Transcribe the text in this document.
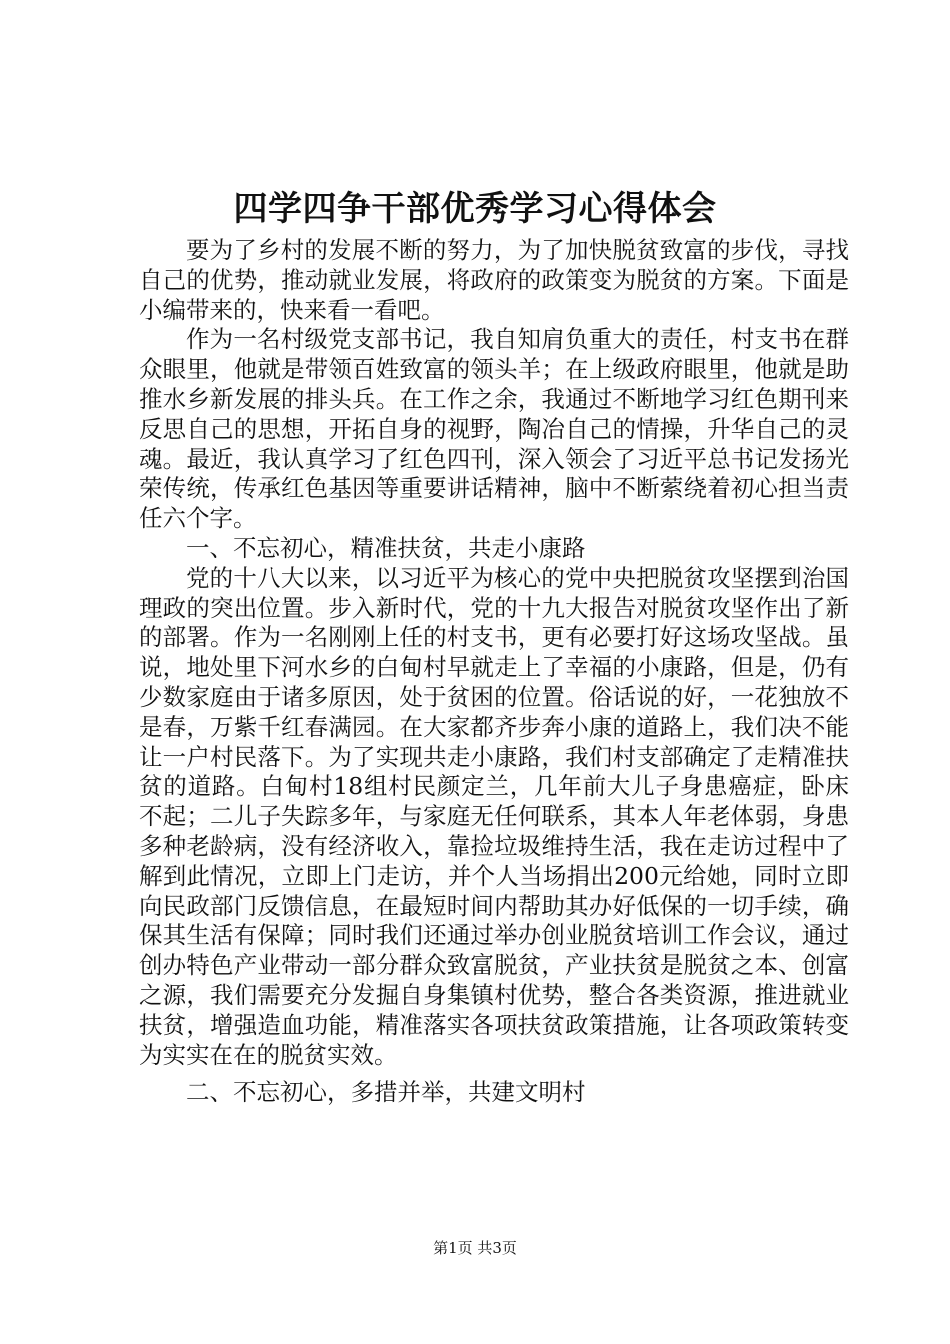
四学四争干部优秀学习心得体会

要为了乡村的发展不断的努力，为了加快脱贫致富的步伐，寻找自己的优势，推动就业发展，将政府的政策变为脱贫的方案。下面是小编带来的，快来看一看吧。

作为一名村级党支部书记，我自知肩负重大的责任，村支书在群众眼里，他就是带领百姓致富的领头羊；在上级政府眼里，他就是助推水乡新发展的排头兵。在工作之余，我通过不断地学习红色期刊来反思自己的思想，开拓自身的视野，陶冶自己的情操，升华自己的灵魂。最近，我认真学习了红色四刊，深入领会了习近平总书记发扬光荣传统，传承红色基因等重要讲话精神，脑中不断萦绕着初心担当责任六个字。

一、不忘初心，精准扶贫，共走小康路

党的十八大以来，以习近平为核心的党中央把脱贫攻坚摆到治国理政的突出位置。步入新时代，党的十九大报告对脱贫攻坚作出了新的部署。作为一名刚刚上任的村支书，更有必要打好这场攻坚战。虽说，地处里下河水乡的白甸村早就走上了幸福的小康路，但是，仍有少数家庭由于诸多原因，处于贫困的位置。俗话说的好，一花独放不是春，万紫千红春满园。在大家都齐步奔小康的道路上，我们决不能让一户村民落下。为了实现共走小康路，我们村支部确定了走精准扶贫的道路。白甸村18组村民颜定兰，几年前大儿子身患癌症，卧床不起；二儿子失踪多年，与家庭无任何联系，其本人年老体弱，身患多种老龄病，没有经济收入，靠捡垃圾维持生活，我在走访过程中了解到此情况，立即上门走访，并个人当场捐出200元给她，同时立即向民政部门反馈信息，在最短时间内帮助其办好低保的一切手续，确保其生活有保障；同时我们还通过举办创业脱贫培训工作会议，通过创办特色产业带动一部分群众致富脱贫，产业扶贫是脱贫之本、创富之源，我们需要充分发掘自身集镇村优势，整合各类资源，推进就业扶贫，增强造血功能，精准落实各项扶贫政策措施，让各项政策转变为实实在在的脱贫实效。

二、不忘初心，多措并举，共建文明村

第1页 共3页
